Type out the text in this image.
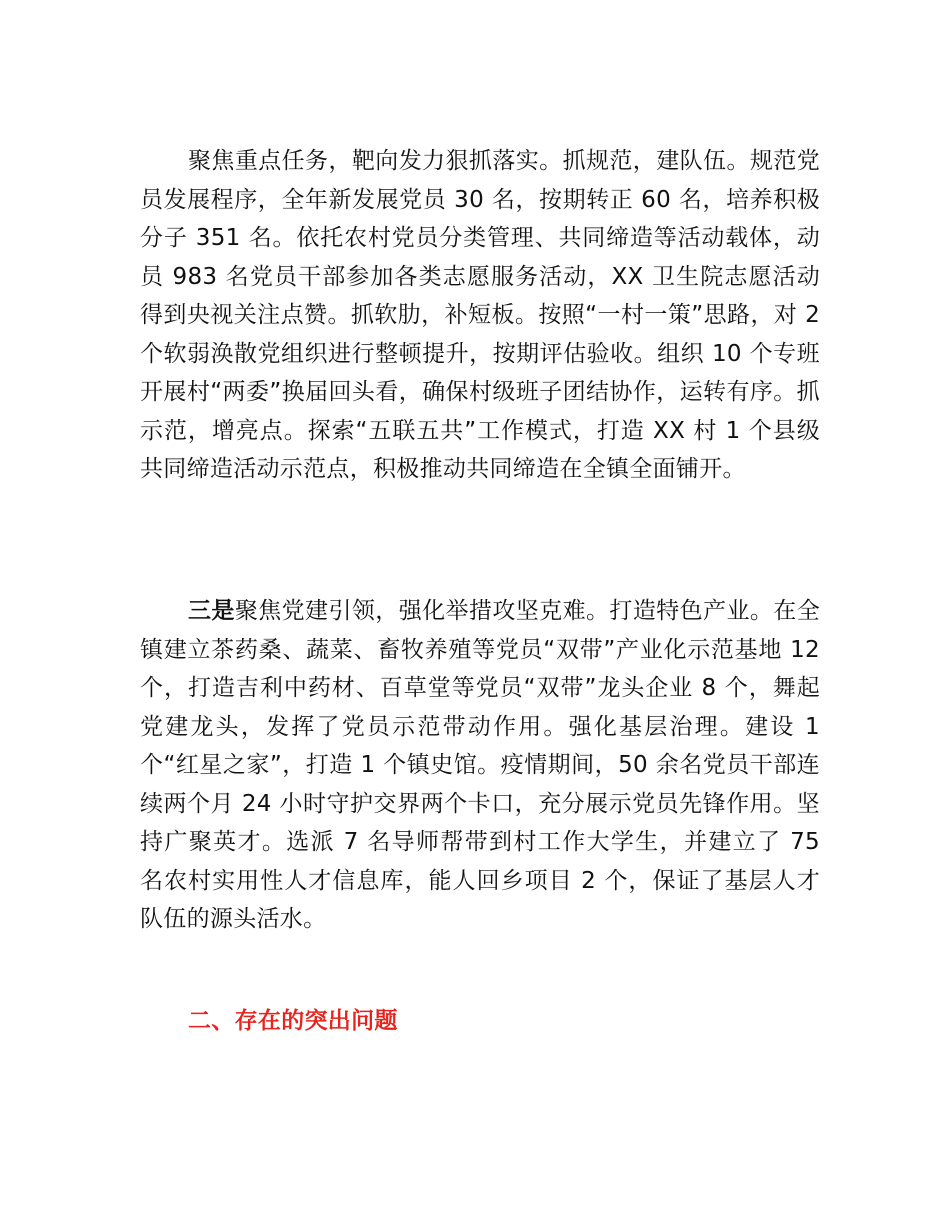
聚焦重点任务，靶向发力狠抓落实。抓规范，建队伍。规范党员发展程序，全年新发展党员 30 名，按期转正 60 名，培养积极分子 351 名。依托农村党员分类管理、共同缔造等活动载体，动员 983 名党员干部参加各类志愿服务活动，XX 卫生院志愿活动得到央视关注点赞。抓软肋，补短板。按照“一村一策”思路，对 2 个软弱涣散党组织进行整顿提升，按期评估验收。组织 10 个专班开展村“两委”换届回头看，确保村级班子团结协作，运转有序。抓示范，增亮点。探索“五联五共”工作模式，打造 XX 村 1 个县级共同缔造活动示范点，积极推动共同缔造在全镇全面铺开。

三是聚焦党建引领，强化举措攻坚克难。打造特色产业。在全镇建立茶药桑、蔬菜、畜牧养殖等党员“双带”产业化示范基地 12 个，打造吉利中药材、百草堂等党员“双带”龙头企业 8 个，舞起党建龙头，发挥了党员示范带动作用。强化基层治理。建设 1 个“红星之家”，打造 1 个镇史馆。疫情期间，50 余名党员干部连续两个月 24 小时守护交界两个卡口，充分展示党员先锋作用。坚持广聚英才。选派 7 名导师帮带到村工作大学生，并建立了 75 名农村实用性人才信息库，能人回乡项目 2 个，保证了基层人才队伍的源头活水。

二、存在的突出问题
